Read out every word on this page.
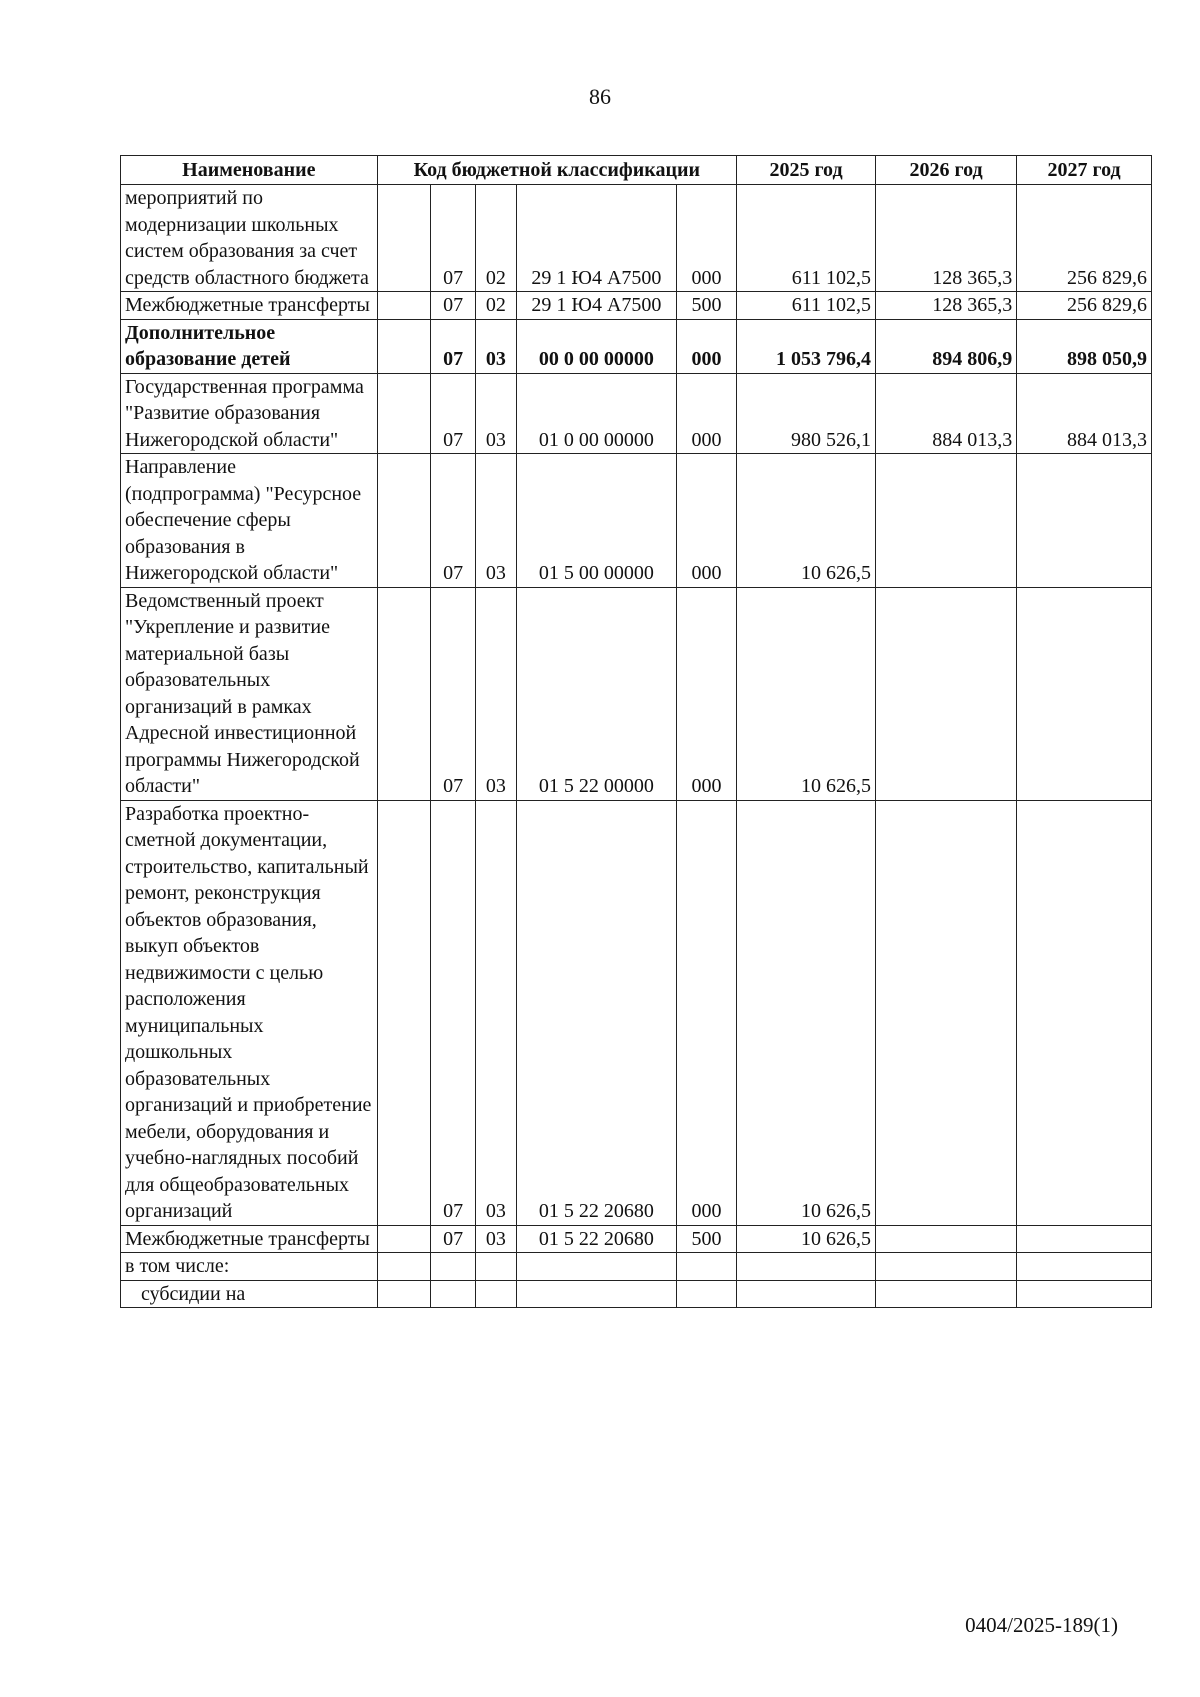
86
Наименование	Код бюджетной классификации					2025 год	2026 год	2027 год
мероприятий по модернизации школьных систем образования за счет средств областного бюджета		07	02	29 1 Ю4 А7500	000	611 102,5	128 365,3	256 829,6
Межбюджетные трансферты		07	02	29 1 Ю4 А7500	500	611 102,5	128 365,3	256 829,6
Дополнительное образование детей		07	03	00 0 00 00000	000	1 053 796,4	894 806,9	898 050,9
Государственная программа "Развитие образования Нижегородской области"		07	03	01 0 00 00000	000	980 526,1	884 013,3	884 013,3
Направление (подпрограмма) "Ресурсное обеспечение сферы образования в Нижегородской области"		07	03	01 5 00 00000	000	10 626,5		
Ведомственный проект "Укрепление и развитие материальной базы образовательных организаций в рамках Адресной инвестиционной программы Нижегородской области"		07	03	01 5 22 00000	000	10 626,5		
Разработка проектно-сметной документации, строительство, капитальный ремонт, реконструкция объектов образования, выкуп объектов недвижимости с целью расположения муниципальных дошкольных образовательных организаций и приобретение мебели, оборудования и учебно-наглядных пособий для общеобразовательных организаций		07	03	01 5 22 20680	000	10 626,5		
Межбюджетные трансферты		07	03	01 5 22 20680	500	10 626,5		
в том числе:								
субсидии на								
0404/2025-189(1)
